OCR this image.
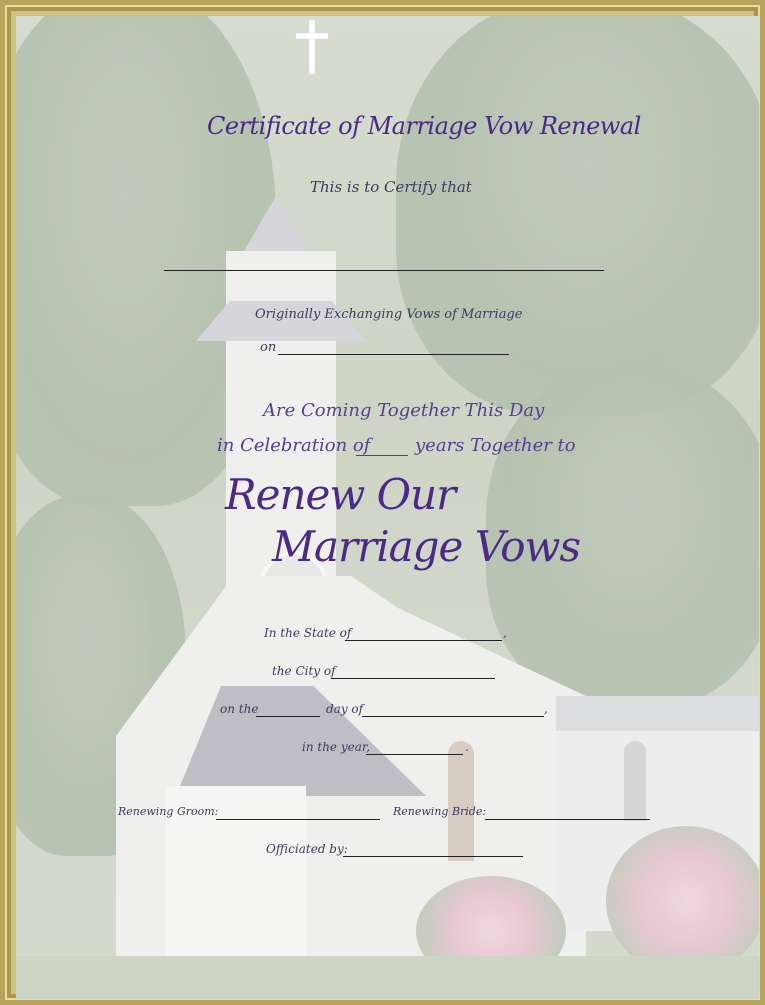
Certificate of Marriage Vow Renewal
This is to Certify that
Originally Exchanging Vows of Marriage
on
Are Coming Together This Day
in Celebration of years Together to
Renew Our
Marriage Vows
In the State of	,
the City of
on the	day of	,
in the year,	.
Renewing Groom:	Renewing Bride:
Officiated by:
